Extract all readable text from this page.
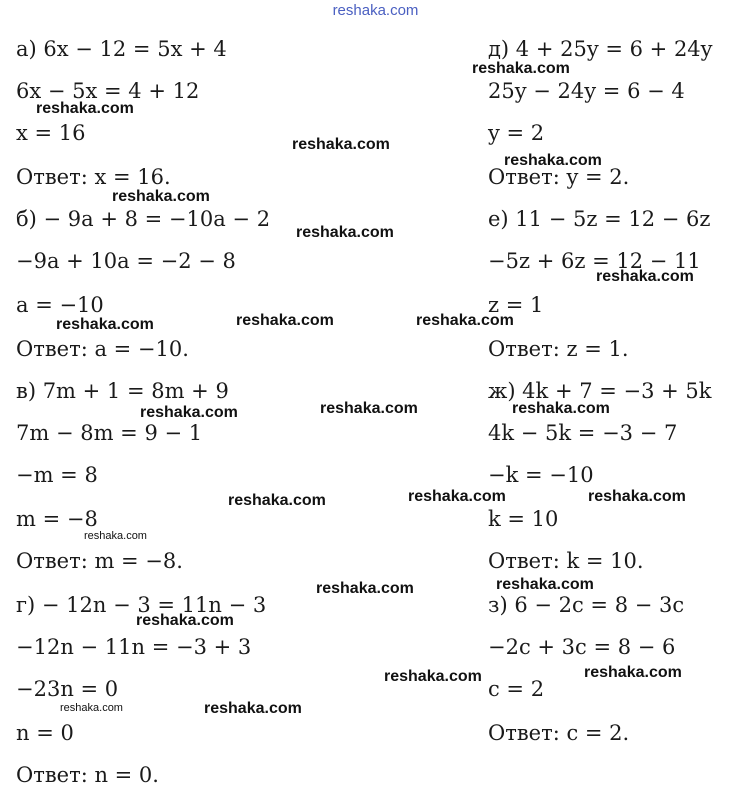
reshaka.com
а) 6x − 12 = 5x + 4
6x − 5x = 4 + 12
x = 16
Ответ: x = 16.
б) − 9a + 8 = −10a − 2
−9a + 10a = −2 − 8
a = −10
Ответ: a = −10.
в) 7m + 1 = 8m + 9
7m − 8m = 9 − 1
−m = 8
m = −8
Ответ: m = −8.
г) − 12n − 3 = 11n − 3
−12n − 11n = −3 + 3
−23n = 0
n = 0
Ответ: n = 0.
д) 4 + 25y = 6 + 24y
25y − 24y = 6 − 4
y = 2
Ответ: y = 2.
е) 11 − 5z = 12 − 6z
−5z + 6z = 12 − 11
z = 1
Ответ: z = 1.
ж) 4k + 7 = −3 + 5k
4k − 5k = −3 − 7
−k = −10
k = 10
Ответ: k = 10.
з) 6 − 2c = 8 − 3c
−2c + 3c = 8 − 6
c = 2
Ответ: c = 2.
reshaka.com
reshaka.com
reshaka.com
reshaka.com
reshaka.com
reshaka.com
reshaka.com
reshaka.com	reshaka.com	reshaka.com
reshaka.com	reshaka.com	reshaka.com
reshaka.com	reshaka.com	reshaka.com
reshaka.com
reshaka.com	reshaka.com
reshaka.com
reshaka.com
reshaka.com
reshaka.com	reshaka.com
